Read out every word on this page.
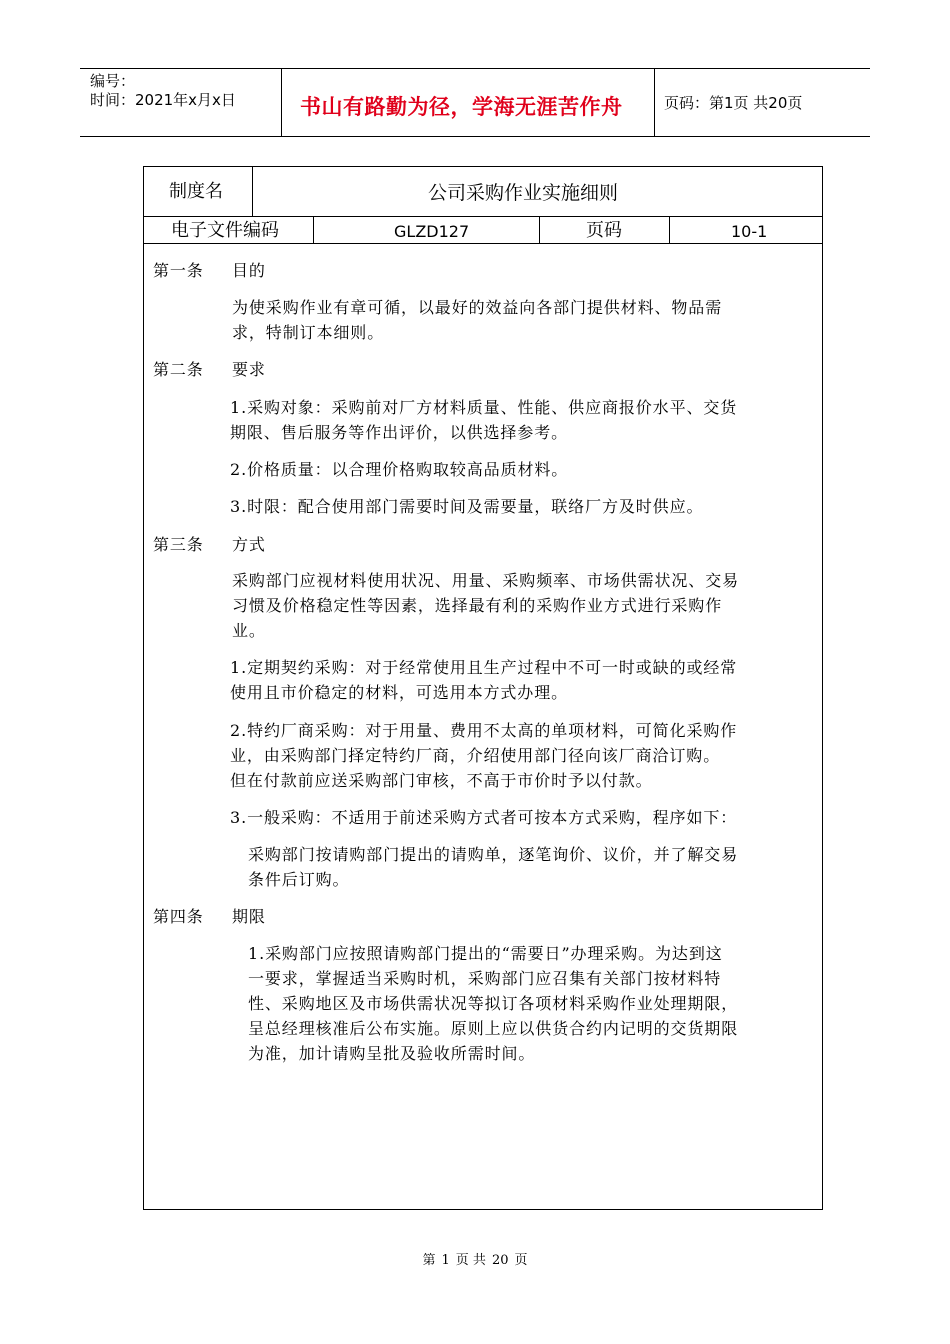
编号：
时间：2021年x月x日	书山有路勤为径，学海无涯苦作舟	页码：第1页 共20页
制度名	公司采购作业实施细则
电子文件编码	GLZD127	页码	10-1
第一条 目的
为使采购作业有章可循，以最好的效益向各部门提供材料、物品需
求，特制订本细则。
第二条 要求
1.采购对象：采购前对厂方材料质量、性能、供应商报价水平、交货
期限、售后服务等作出评价，以供选择参考。
2.价格质量：以合理价格购取较高品质材料。
3.时限：配合使用部门需要时间及需要量，联络厂方及时供应。
第三条 方式
采购部门应视材料使用状况、用量、采购频率、市场供需状况、交易
习惯及价格稳定性等因素，选择最有利的采购作业方式进行采购作
业。
1.定期契约采购：对于经常使用且生产过程中不可一时或缺的或经常
使用且市价稳定的材料，可选用本方式办理。
2.特约厂商采购：对于用量、费用不太高的单项材料，可简化采购作
业，由采购部门择定特约厂商，介绍使用部门径向该厂商洽订购。
但在付款前应送采购部门审核，不高于市价时予以付款。
3.一般采购：不适用于前述采购方式者可按本方式采购，程序如下：
采购部门按请购部门提出的请购单，逐笔询价、议价，并了解交易
条件后订购。
第四条 期限
1.采购部门应按照请购部门提出的“需要日”办理采购。为达到这
一要求，掌握适当采购时机，采购部门应召集有关部门按材料特
性、采购地区及市场供需状况等拟订各项材料采购作业处理期限，
呈总经理核准后公布实施。原则上应以供货合约内记明的交货期限
为准，加计请购呈批及验收所需时间。
第 1 页 共 20 页
